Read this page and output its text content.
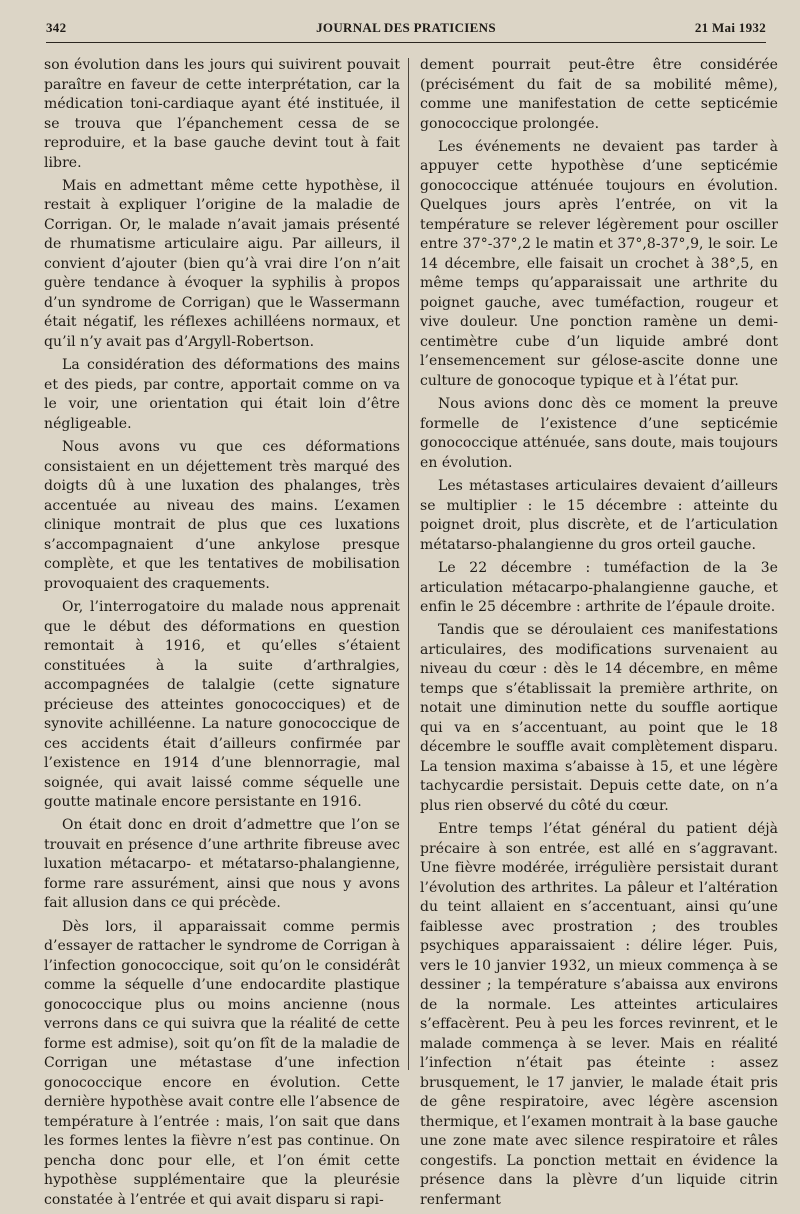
342	JOURNAL DES PRATICIENS	21 Mai 1932

son évolution dans les jours qui suivirent pouvait paraître en faveur de cette interprétation, car la médication toni-cardiaque ayant été instituée, il se trouva que l’épanchement cessa de se reproduire, et la base gauche devint tout à fait libre.

Mais en admettant même cette hypothèse, il restait à expliquer l’origine de la maladie de Corrigan. Or, le malade n’avait jamais présenté de rhumatisme articulaire aigu. Par ailleurs, il convient d’ajouter (bien qu’à vrai dire l’on n’ait guère tendance à évoquer la syphilis à propos d’un syndrome de Corrigan) que le Wassermann était négatif, les réflexes achilléens normaux, et qu’il n’y avait pas d’Argyll-Robertson.

La considération des déformations des mains et des pieds, par contre, apportait comme on va le voir, une orientation qui était loin d’être négligeable.

Nous avons vu que ces déformations consistaient en un déjettement très marqué des doigts dû à une luxation des phalanges, très accentuée au niveau des mains. L’examen clinique montrait de plus que ces luxations s’accompagnaient d’une ankylose presque complète, et que les tentatives de mobilisation provoquaient des craquements.

Or, l’interrogatoire du malade nous apprenait que le début des déformations en question remontait à 1916, et qu’elles s’étaient constituées à la suite d’arthralgies, accompagnées de talalgie (cette signature précieuse des atteintes gonococciques) et de synovite achilléenne. La nature gonococcique de ces accidents était d’ailleurs confirmée par l’existence en 1914 d’une blennorragie, mal soignée, qui avait laissé comme séquelle une goutte matinale encore persistante en 1916.

On était donc en droit d’admettre que l’on se trouvait en présence d’une arthrite fibreuse avec luxation métacarpo- et métatarso-phalangienne, forme rare assurément, ainsi que nous y avons fait allusion dans ce qui précède.

Dès lors, il apparaissait comme permis d’essayer de rattacher le syndrome de Corrigan à l’infection gonococcique, soit qu’on le considérât comme la séquelle d’une endocardite plastique gonococcique plus ou moins ancienne (nous verrons dans ce qui suivra que la réalité de cette forme est admise), soit qu’on fît de la maladie de Corrigan une métastase d’une infection gonococcique encore en évolution. Cette dernière hypothèse avait contre elle l’absence de température à l’entrée : mais, l’on sait que dans les formes lentes la fièvre n’est pas continue. On pencha donc pour elle, et l’on émit cette hypothèse supplémentaire que la pleurésie constatée à l’entrée et qui avait disparu si rapi-

dement pourrait peut-être être considérée (précisément du fait de sa mobilité même), comme une manifestation de cette septicémie gonococcique prolongée.

Les événements ne devaient pas tarder à appuyer cette hypothèse d’une septicémie gonococcique atténuée toujours en évolution. Quelques jours après l’entrée, on vit la température se relever légèrement pour osciller entre 37°-37°,2 le matin et 37°,8-37°,9, le soir. Le 14 décembre, elle faisait un crochet à 38°,5, en même temps qu’apparaissait une arthrite du poignet gauche, avec tuméfaction, rougeur et vive douleur. Une ponction ramène un demi-centimètre cube d’un liquide ambré dont l’ensemencement sur gélose-ascite donne une culture de gonocoque typique et à l’état pur.

Nous avions donc dès ce moment la preuve formelle de l’existence d’une septicémie gonococcique atténuée, sans doute, mais toujours en évolution.

Les métastases articulaires devaient d’ailleurs se multiplier : le 15 décembre : atteinte du poignet droit, plus discrète, et de l’articulation métatarso-phalangienne du gros orteil gauche.

Le 22 décembre : tuméfaction de la 3e articulation métacarpo-phalangienne gauche, et enfin le 25 décembre : arthrite de l’épaule droite.

Tandis que se déroulaient ces manifestations articulaires, des modifications survenaient au niveau du cœur : dès le 14 décembre, en même temps que s’établissait la première arthrite, on notait une diminution nette du souffle aortique qui va en s’accentuant, au point que le 18 décembre le souffle avait complètement disparu. La tension maxima s’abaisse à 15, et une légère tachycardie persistait. Depuis cette date, on n’a plus rien observé du côté du cœur.

Entre temps l’état général du patient déjà précaire à son entrée, est allé en s’aggravant. Une fièvre modérée, irrégulière persistait durant l’évolution des arthrites. La pâleur et l’altération du teint allaient en s’accentuant, ainsi qu’une faiblesse avec prostration ; des troubles psychiques apparaissaient : délire léger. Puis, vers le 10 janvier 1932, un mieux commença à se dessiner ; la température s’abaissa aux environs de la normale. Les atteintes articulaires s’effacèrent. Peu à peu les forces revinrent, et le malade commença à se lever. Mais en réalité l’infection n’était pas éteinte : assez brusquement, le 17 janvier, le malade était pris de gêne respiratoire, avec légère ascension thermique, et l’examen montrait à la base gauche une zone mate avec silence respiratoire et râles congestifs. La ponction mettait en évidence la présence dans la plèvre d’un liquide citrin renfermant
